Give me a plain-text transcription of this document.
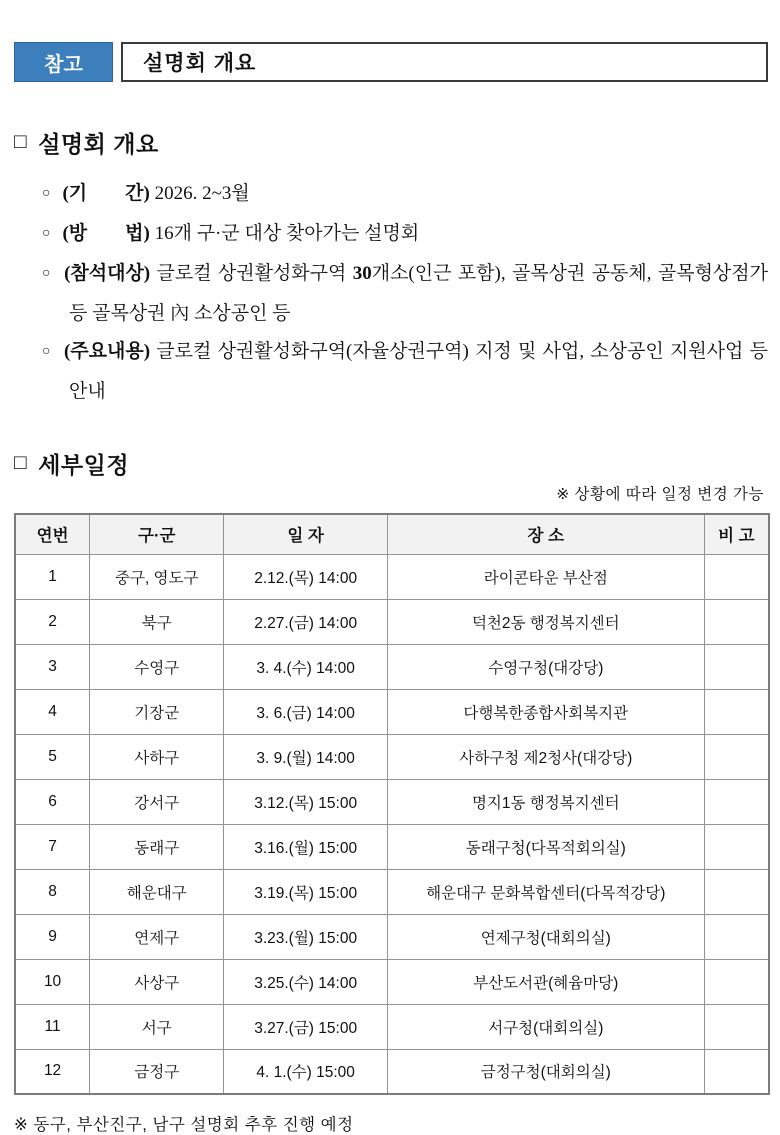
참고	설명회 개요
□ 설명회 개요
○ (기        간) 2026. 2~3월
○ (방        법) 16개 구·군 대상 찾아가는 설명회
○ (참석대상) 글로컬 상권활성화구역 30개소(인근 포함), 골목상권 공동체, 골목형상점가 등 골목상권 內 소상공인 등
○ (주요내용) 글로컬 상권활성화구역(자율상권구역) 지정 및 사업, 소상공인 지원사업 등 안내
□ 세부일정
※ 상황에 따라 일정 변경 가능
연번	구·군	일 자	장 소	비 고
1	중구, 영도구	2.12.(목) 14:00	라이콘타운 부산점	
2	북구	2.27.(금) 14:00	덕천2동 행정복지센터	
3	수영구	3. 4.(수) 14:00	수영구청(대강당)	
4	기장군	3. 6.(금) 14:00	다행복한종합사회복지관	
5	사하구	3. 9.(월) 14:00	사하구청 제2청사(대강당)	
6	강서구	3.12.(목) 15:00	명지1동 행정복지센터	
7	동래구	3.16.(월) 15:00	동래구청(다목적회의실)	
8	해운대구	3.19.(목) 15:00	해운대구 문화복합센터(다목적강당)	
9	연제구	3.23.(월) 15:00	연제구청(대회의실)	
10	사상구	3.25.(수) 14:00	부산도서관(혜윰마당)	
11	서구	3.27.(금) 15:00	서구청(대회의실)	
12	금정구	4. 1.(수) 15:00	금정구청(대회의실)	
※ 동구, 부산진구, 남구 설명회 추후 진행 예정
